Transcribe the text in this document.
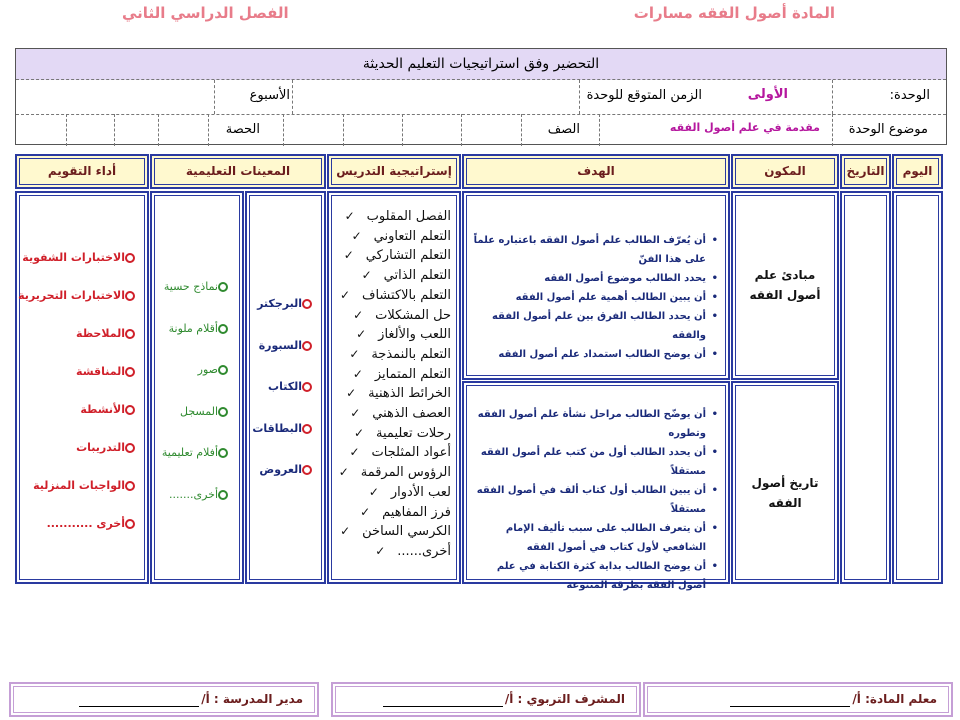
المادة أصول الفقه مسارات
الفصل الدراسي الثاني
التحضير وفق استراتيجيات التعليم الحديثة
الوحدة:
الأولى
الزمن المتوقع للوحدة
الأسبوع
موضوع الوحدة
مقدمة في علم أصول الفقه
الصف
الحصة
اليوم
التاريخ
المكون
الهدف
إستراتيجية التدريس
المعينات التعليمية
أداء التقويم
مبادئ علم أصول الفقه
تاريخ أصول الفقه
• أن يُعرّف الطالب علم أصول الفقه باعتباره علماً على هذا الفنّ
• يحدد الطالب موضوع أصول الفقه
• أن يبين الطالب أهمية علم أصول الفقه
• أن يحدد الطالب الفرق بين علم أصول الفقه والفقه
• أن يوضح الطالب استمداد علم أصول الفقه
• أن يوضّح الطالب مراحل نشأة علم أصول الفقه وتطوره
• أن يحدد الطالب أول من كتب علم أصول الفقه مستقلاً
• أن يبين الطالب أول كتاب ألف في أصول الفقه مستقلاً
• أن يتعرف الطالب على سبب تأليف الإمام الشافعي لأول كتاب في أصول الفقه
• أن يوضح الطالب بداية كثرة الكتابة في علم أصول الفقه بطرقه المتنوعة
الفصل المقلوب✓
التعلم التعاوني✓
التعلم التشاركي✓
التعلم الذاتي✓
التعلم بالاكتشاف✓
حل المشكلات✓
اللعب والألغاز✓
التعلم بالنمذجة✓
التعلم المتمايز✓
الخرائط الذهنية✓
العصف الذهني✓
رحلات تعليمية✓
أعواد المثلجات✓
الرؤوس المرقمة✓
لعب الأدوار✓
فرز المفاهيم✓
الكرسي الساخن✓
أخرى......✓
البرجكتر
السبورة
الكتاب
البطاقات
العروض
نماذج حسية
أقلام ملونة
صور
المسجل
أفلام تعليمية
أخرى.......
الاختبارات الشفوية
الاختبارات التحريرية
الملاحظة
المناقشة
الأنشطة
التدريبات
الواجبات المنزلية
أخرى ...........
معلم المادة: أ/
المشرف التربوي : أ/
مدير المدرسة : أ/
